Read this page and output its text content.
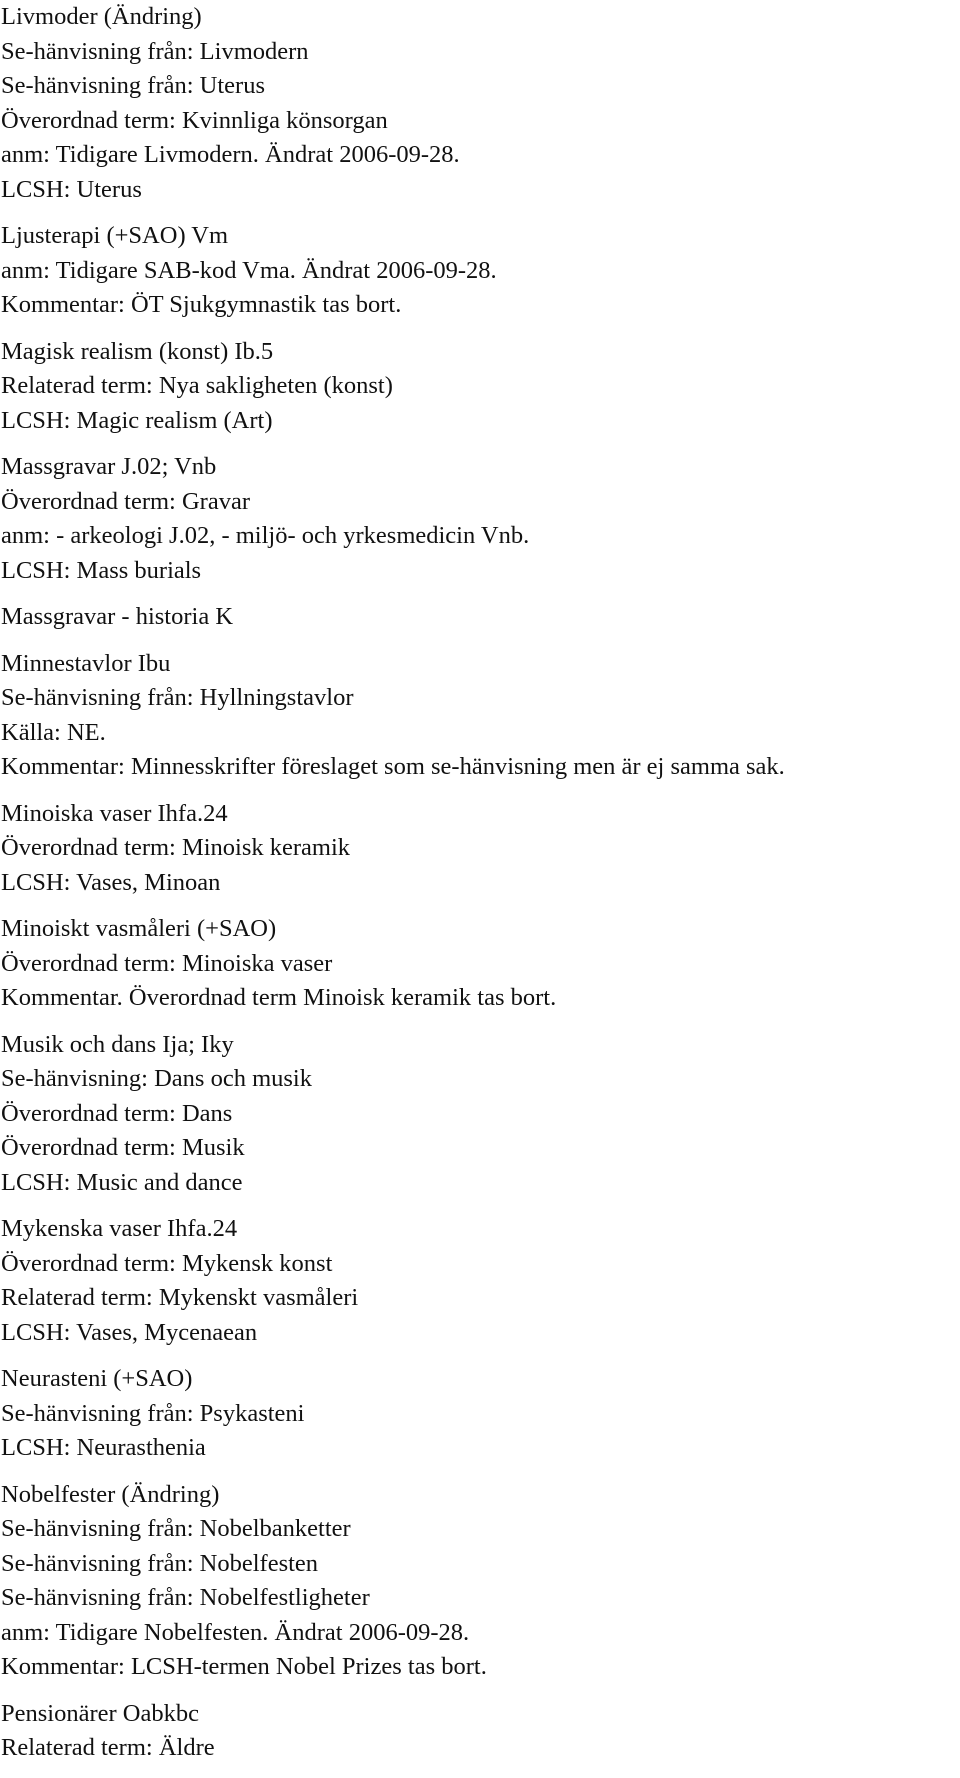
Livmoder (Ändring)
Se-hänvisning från: Livmodern
Se-hänvisning från: Uterus
Överordnad term: Kvinnliga könsorgan
anm: Tidigare Livmodern. Ändrat 2006-09-28.
LCSH: Uterus
Ljusterapi (+SAO) Vm
anm: Tidigare SAB-kod Vma. Ändrat 2006-09-28.
Kommentar: ÖT Sjukgymnastik tas bort.
Magisk realism (konst) Ib.5
Relaterad term: Nya sakligheten (konst)
LCSH: Magic realism (Art)
Massgravar J.02; Vnb
Överordnad term: Gravar
anm: - arkeologi J.02, - miljö- och yrkesmedicin Vnb.
LCSH: Mass burials
Massgravar - historia K
Minnestavlor Ibu
Se-hänvisning från: Hyllningstavlor
Källa: NE.
Kommentar: Minnesskrifter föreslaget som se-hänvisning men är ej samma sak.
Minoiska vaser Ihfa.24
Överordnad term: Minoisk keramik
LCSH: Vases, Minoan
Minoiskt vasmåleri (+SAO)
Överordnad term: Minoiska vaser
Kommentar. Överordnad term Minoisk keramik tas bort.
Musik och dans Ija; Iky
Se-hänvisning: Dans och musik
Överordnad term: Dans
Överordnad term: Musik
LCSH: Music and dance
Mykenska vaser Ihfa.24
Överordnad term: Mykensk konst
Relaterad term: Mykenskt vasmåleri
LCSH: Vases, Mycenaean
Neurasteni (+SAO)
Se-hänvisning från: Psykasteni
LCSH: Neurasthenia
Nobelfester (Ändring)
Se-hänvisning från: Nobelbanketter
Se-hänvisning från: Nobelfesten
Se-hänvisning från: Nobelfestligheter
anm: Tidigare Nobelfesten. Ändrat 2006-09-28.
Kommentar: LCSH-termen Nobel Prizes tas bort.
Pensionärer Oabkbc
Relaterad term: Äldre
